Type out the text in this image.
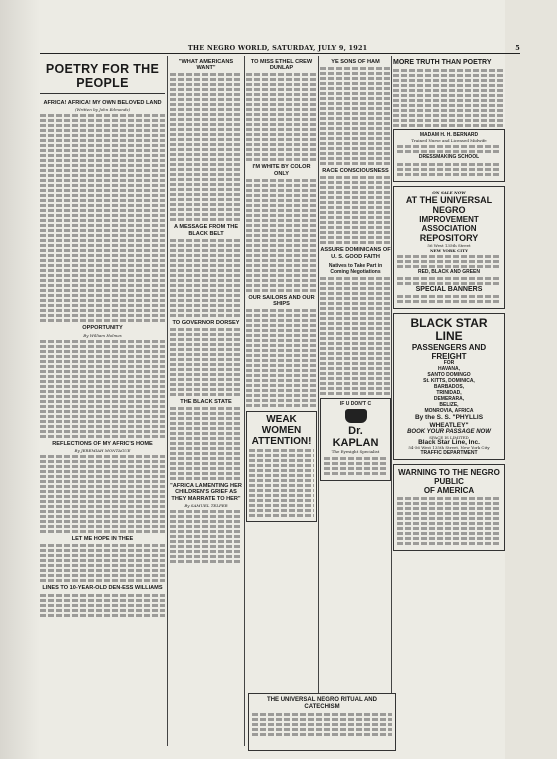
THE NEGRO WORLD, SATURDAY, JULY 9, 1921	5
POETRY FOR THE PEOPLE
AFRICA! AFRICA! MY OWN BELOVED LAND
(Written by John Edmonds)
OPPORTUNITY
By William Holmes
REFLECTIONS OF MY AFRIC'S HOME
By JEREMIAH MONTAGUE
LET ME HOPE IN THEE
LINES TO 10-YEAR-OLD DEN-ESS WILLIAMS
"WHAT AMERICANS WANT"
A MESSAGE FROM THE BLACK BELT
TO GOVERNOR DORSEY
THE BLACK STATE
"AFRICA LAMENTING HER CHILDREN'S GRIEF AS THEY MARRATE TO HER"
By SAMUEL TELFER
TO MISS ETHEL CREW DUNLAP
I'M WHITE BY COLOR ONLY
OUR SAILORS AND OUR SHIPS
WEAK WOMEN ATTENTION!
YE SONS OF HAM
RACE CONSCIOUSNESS
ASSURE DOMINICANS OF U. S. GOOD FAITH
Natives to Take Part in Coming Negotiations
IF U DON'T C
Dr. KAPLAN
The Eyesight Specialist
MORE TRUTH THAN POETRY
MADAM H. H. BERNARD
Trained Nurse and Licensed Midwife
DRESSMAKING SCHOOL
ON SALE NOW
AT THE UNIVERSAL NEGRO
IMPROVEMENT ASSOCIATION
REPOSITORY
56 West 135th Street
NEW YORK CITY
RED, BLACK AND GREEN
SPECIAL BANNERS
BLACK STAR LINE
PASSENGERS AND FREIGHT
FOR
HAVANA,
SANTO DOMINGO
St. KITTS, DOMINICA,
BARBADOS,
TRINIDAD,
DEMERARA,
BELIZE,
MONROVIA, AFRICA
By the S. S. "PHYLLIS WHEATLEY"
BOOK YOUR PASSAGE NOW
SPACE IS LIMITED
Black Star Line, Inc.
54-56 West 135th Street, New York City
TRAFFIC DEPARTMENT
WARNING TO THE NEGRO PUBLIC
OF AMERICA
THE UNIVERSAL NEGRO RITUAL AND CATECHISM
